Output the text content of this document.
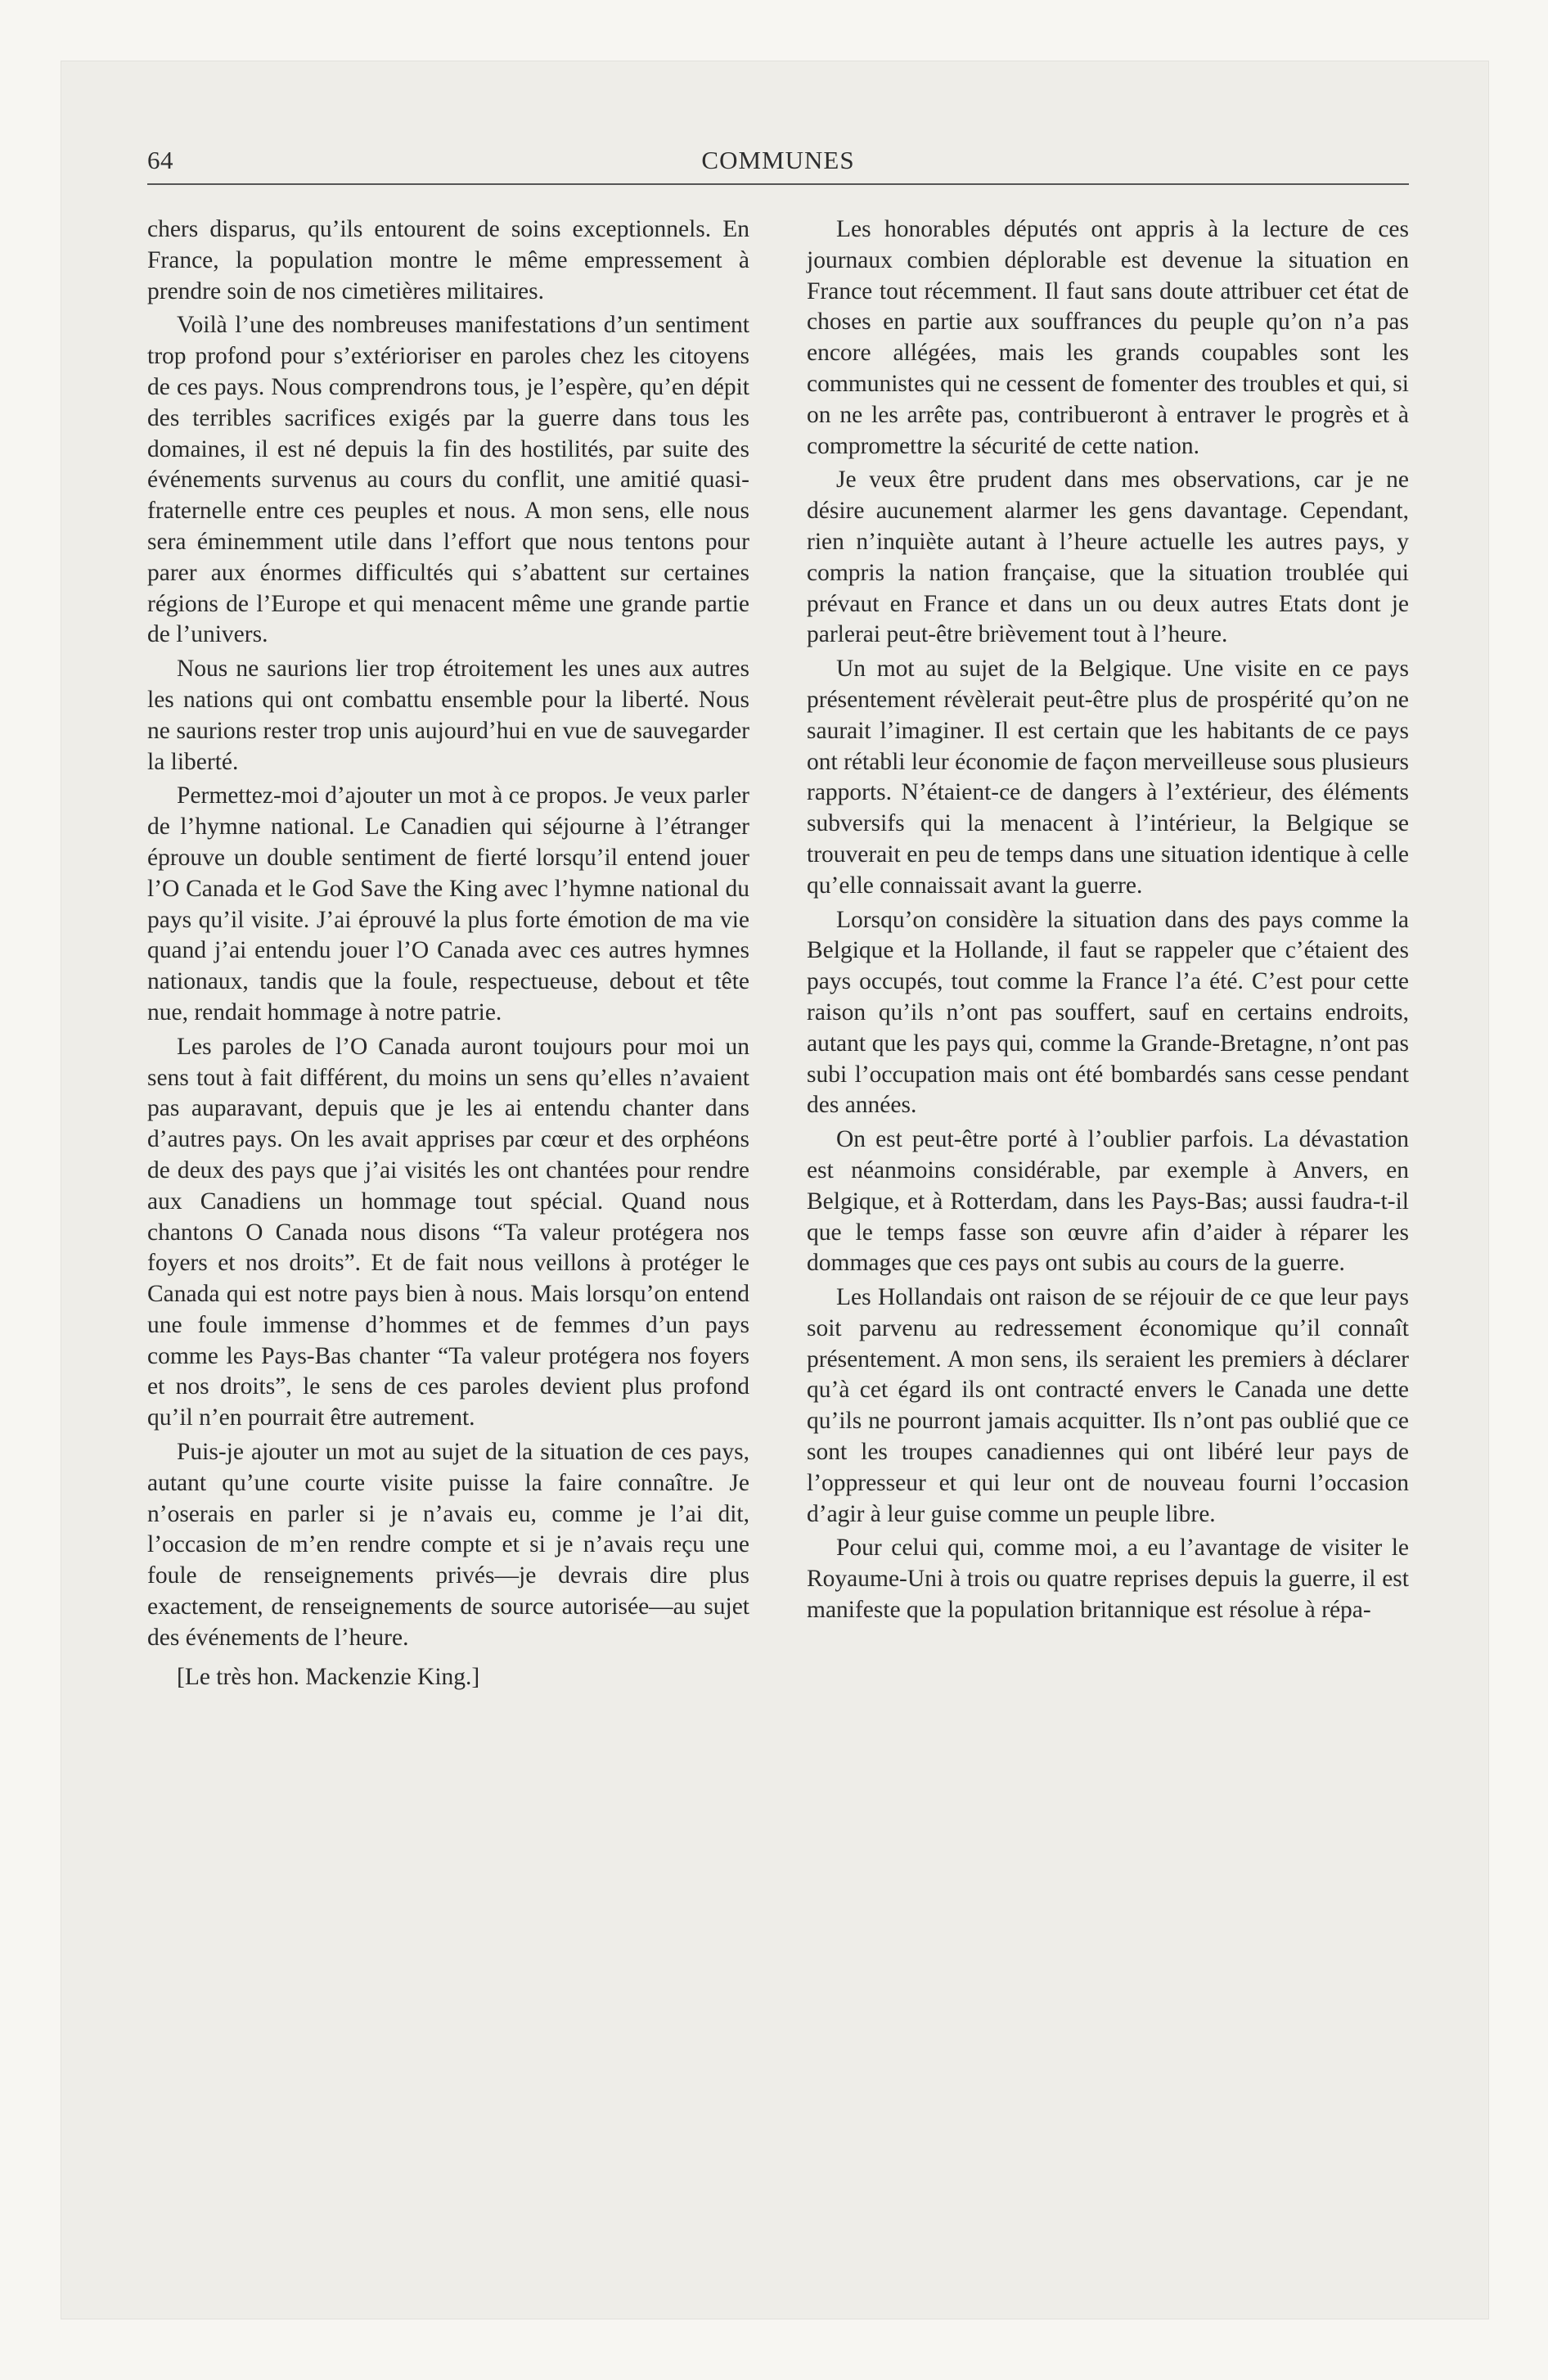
64	COMMUNES

chers disparus, qu’ils entourent de soins exceptionnels. En France, la population montre le même empressement à prendre soin de nos cimetières militaires.

Voilà l’une des nombreuses manifestations d’un sentiment trop profond pour s’extérioriser en paroles chez les citoyens de ces pays. Nous comprendrons tous, je l’espère, qu’en dépit des terribles sacrifices exigés par la guerre dans tous les domaines, il est né depuis la fin des hostilités, par suite des événements survenus au cours du conflit, une amitié quasi-fraternelle entre ces peuples et nous. A mon sens, elle nous sera éminemment utile dans l’effort que nous tentons pour parer aux énormes difficultés qui s’abattent sur certaines régions de l’Europe et qui menacent même une grande partie de l’univers.

Nous ne saurions lier trop étroitement les unes aux autres les nations qui ont combattu ensemble pour la liberté. Nous ne saurions rester trop unis aujourd’hui en vue de sauvegarder la liberté.

Permettez-moi d’ajouter un mot à ce propos. Je veux parler de l’hymne national. Le Canadien qui séjourne à l’étranger éprouve un double sentiment de fierté lorsqu’il entend jouer l’O Canada et le God Save the King avec l’hymne national du pays qu’il visite. J’ai éprouvé la plus forte émotion de ma vie quand j’ai entendu jouer l’O Canada avec ces autres hymnes nationaux, tandis que la foule, respectueuse, debout et tête nue, rendait hommage à notre patrie.

Les paroles de l’O Canada auront toujours pour moi un sens tout à fait différent, du moins un sens qu’elles n’avaient pas auparavant, depuis que je les ai entendu chanter dans d’autres pays. On les avait apprises par cœur et des orphéons de deux des pays que j’ai visités les ont chantées pour rendre aux Canadiens un hommage tout spécial. Quand nous chantons O Canada nous disons “Ta valeur protégera nos foyers et nos droits”. Et de fait nous veillons à protéger le Canada qui est notre pays bien à nous. Mais lorsqu’on entend une foule immense d’hommes et de femmes d’un pays comme les Pays-Bas chanter “Ta valeur protégera nos foyers et nos droits”, le sens de ces paroles devient plus profond qu’il n’en pourrait être autrement.

Puis-je ajouter un mot au sujet de la situation de ces pays, autant qu’une courte visite puisse la faire connaître. Je n’oserais en parler si je n’avais eu, comme je l’ai dit, l’occasion de m’en rendre compte et si je n’avais reçu une foule de renseignements privés—je devrais dire plus exactement, de renseignements de source autorisée—au sujet des événements de l’heure.

[Le très hon. Mackenzie King.]

Les honorables députés ont appris à la lecture de ces journaux combien déplorable est devenue la situation en France tout récemment. Il faut sans doute attribuer cet état de choses en partie aux souffrances du peuple qu’on n’a pas encore allégées, mais les grands coupables sont les communistes qui ne cessent de fomenter des troubles et qui, si on ne les arrête pas, contribueront à entraver le progrès et à compromettre la sécurité de cette nation.

Je veux être prudent dans mes observations, car je ne désire aucunement alarmer les gens davantage. Cependant, rien n’inquiète autant à l’heure actuelle les autres pays, y compris la nation française, que la situation troublée qui prévaut en France et dans un ou deux autres Etats dont je parlerai peut-être brièvement tout à l’heure.

Un mot au sujet de la Belgique. Une visite en ce pays présentement révèlerait peut-être plus de prospérité qu’on ne saurait l’imaginer. Il est certain que les habitants de ce pays ont rétabli leur économie de façon merveilleuse sous plusieurs rapports. N’étaient-ce de dangers à l’extérieur, des éléments subversifs qui la menacent à l’intérieur, la Belgique se trouverait en peu de temps dans une situation identique à celle qu’elle connaissait avant la guerre.

Lorsqu’on considère la situation dans des pays comme la Belgique et la Hollande, il faut se rappeler que c’étaient des pays occupés, tout comme la France l’a été. C’est pour cette raison qu’ils n’ont pas souffert, sauf en certains endroits, autant que les pays qui, comme la Grande-Bretagne, n’ont pas subi l’occupation mais ont été bombardés sans cesse pendant des années.

On est peut-être porté à l’oublier parfois. La dévastation est néanmoins considérable, par exemple à Anvers, en Belgique, et à Rotterdam, dans les Pays-Bas; aussi faudra-t-il que le temps fasse son œuvre afin d’aider à réparer les dommages que ces pays ont subis au cours de la guerre.

Les Hollandais ont raison de se réjouir de ce que leur pays soit parvenu au redressement économique qu’il connaît présentement. A mon sens, ils seraient les premiers à déclarer qu’à cet égard ils ont contracté envers le Canada une dette qu’ils ne pourront jamais acquitter. Ils n’ont pas oublié que ce sont les troupes canadiennes qui ont libéré leur pays de l’oppresseur et qui leur ont de nouveau fourni l’occasion d’agir à leur guise comme un peuple libre.

Pour celui qui, comme moi, a eu l’avantage de visiter le Royaume-Uni à trois ou quatre reprises depuis la guerre, il est manifeste que la population britannique est résolue à répa-
